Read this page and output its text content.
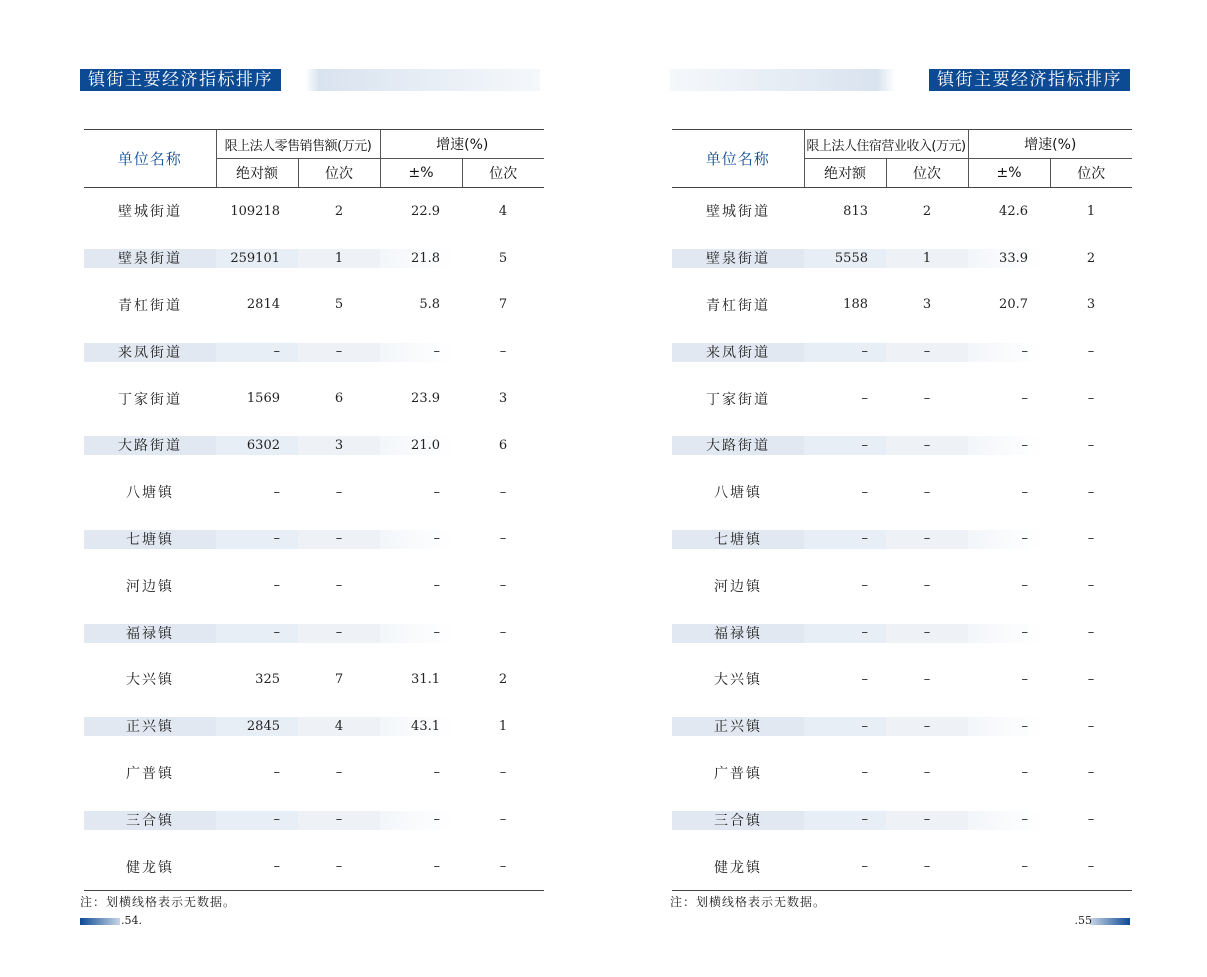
镇街主要经济指标排序
单位名称	限上法人零售销售额(万元)		增速(%)	
	绝对额	位次	±%	位次
壁城街道	109218	2	22.9	4

壁泉街道	259101	1	21.8	5
青杠街道	2814	5	5.8	7

来凤街道	–	–	–	–
丁家街道	1569	6	23.9	3

大路街道	6302	3	21.0	6
八塘镇	–	–	–	–

七塘镇	–	–	–	–
河边镇	–	–	–	–

福禄镇	–	–	–	–
大兴镇	325	7	31.1	2

正兴镇	2845	4	43.1	1
广普镇	–	–	–	–

三合镇	–	–	–	–
健龙镇	–	–	–	–
注：划横线格表示无数据。
.54.
镇街主要经济指标排序
单位名称	限上法人住宿营业收入(万元)		增速(%)	
	绝对额	位次	±%	位次
壁城街道	813	2	42.6	1

壁泉街道	5558	1	33.9	2
青杠街道	188	3	20.7	3

来凤街道	–	–	–	–
丁家街道	–	–	–	–

大路街道	–	–	–	–
八塘镇	–	–	–	–

七塘镇	–	–	–	–
河边镇	–	–	–	–

福禄镇	–	–	–	–
大兴镇	–	–	–	–

正兴镇	–	–	–	–
广普镇	–	–	–	–

三合镇	–	–	–	–
健龙镇	–	–	–	–
注：划横线格表示无数据。
.55
